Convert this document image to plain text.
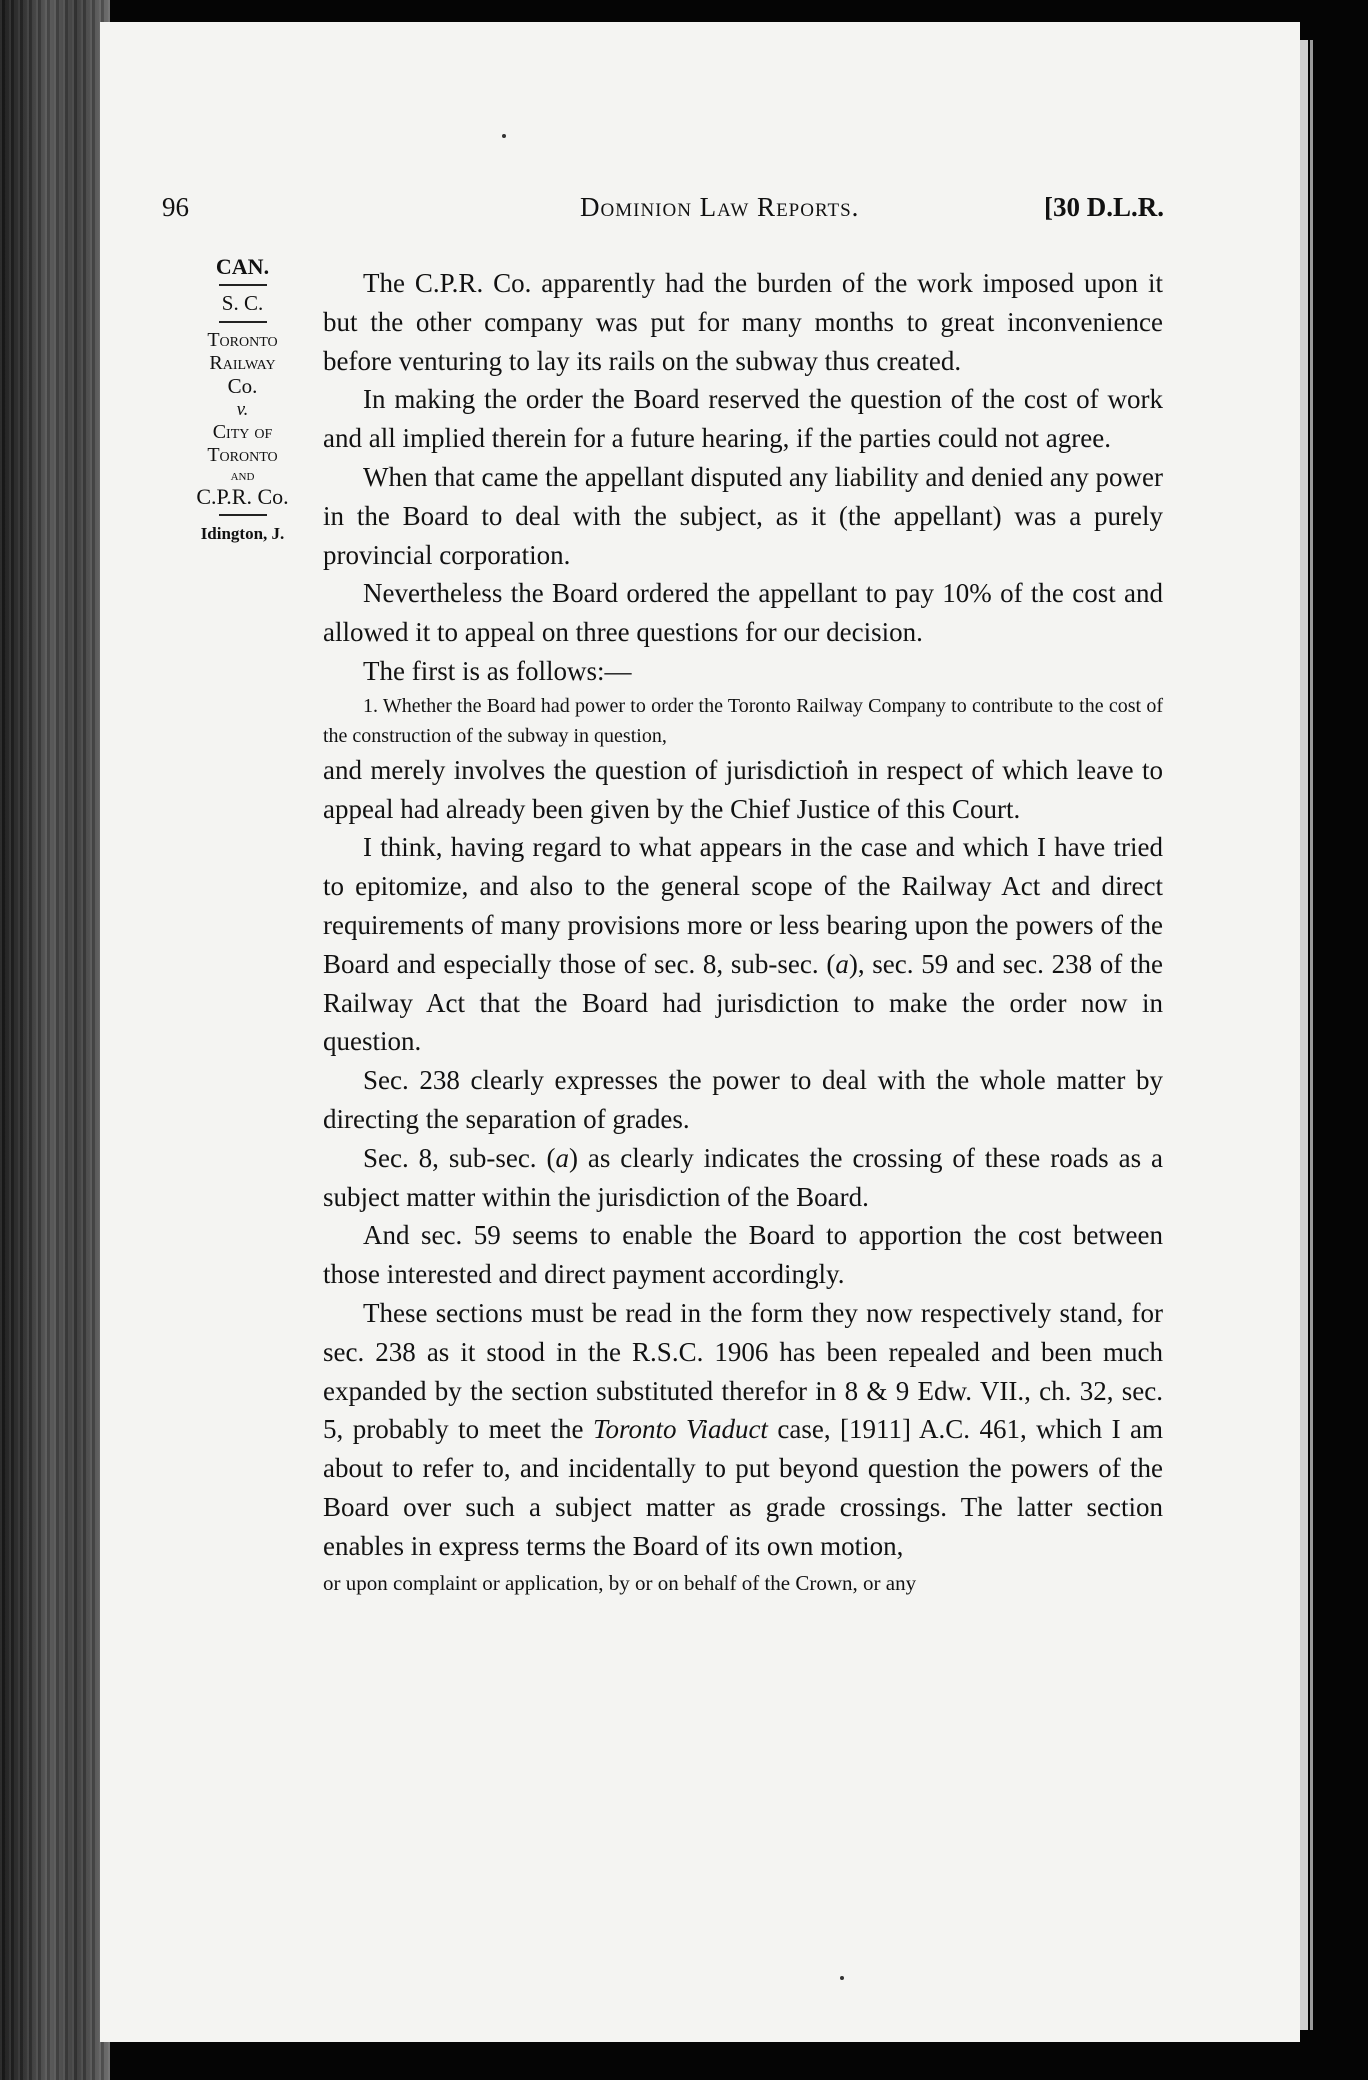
96	Dominion Law Reports.	[30 D.L.R.
CAN.
S. C.
Toronto
Railway
Co.
v.
City of
Toronto
and
C.P.R. Co.
Idington, J.

The C.P.R. Co. apparently had the burden of the work imposed upon it but the other company was put for many months to great inconvenience before venturing to lay its rails on the subway thus created.

In making the order the Board reserved the question of the cost of work and all implied therein for a future hearing, if the parties could not agree.

When that came the appellant disputed any liability and denied any power in the Board to deal with the subject, as it (the appellant) was a purely provincial corporation.

Nevertheless the Board ordered the appellant to pay 10% of the cost and allowed it to appeal on three questions for our decision.

The first is as follows:—

1. Whether the Board had power to order the Toronto Railway Company to contribute to the cost of the construction of the subway in question,

and merely involves the question of jurisdiction in respect of which leave to appeal had already been given by the Chief Justice of this Court.

I think, having regard to what appears in the case and which I have tried to epitomize, and also to the general scope of the Railway Act and direct requirements of many provisions more or less bearing upon the powers of the Board and especially those of sec. 8, sub-sec. (a), sec. 59 and sec. 238 of the Railway Act that the Board had jurisdiction to make the order now in question.

Sec. 238 clearly expresses the power to deal with the whole matter by directing the separation of grades.

Sec. 8, sub-sec. (a) as clearly indicates the crossing of these roads as a subject matter within the jurisdiction of the Board.

And sec. 59 seems to enable the Board to apportion the cost between those interested and direct payment accordingly.

These sections must be read in the form they now respectively stand, for sec. 238 as it stood in the R.S.C. 1906 has been repealed and been much expanded by the section substituted therefor in 8 & 9 Edw. VII., ch. 32, sec. 5, probably to meet the Toronto Viaduct case, [1911] A.C. 461, which I am about to refer to, and incidentally to put beyond question the powers of the Board over such a subject matter as grade crossings. The latter section enables in express terms the Board of its own motion,

or upon complaint or application, by or on behalf of the Crown, or any
